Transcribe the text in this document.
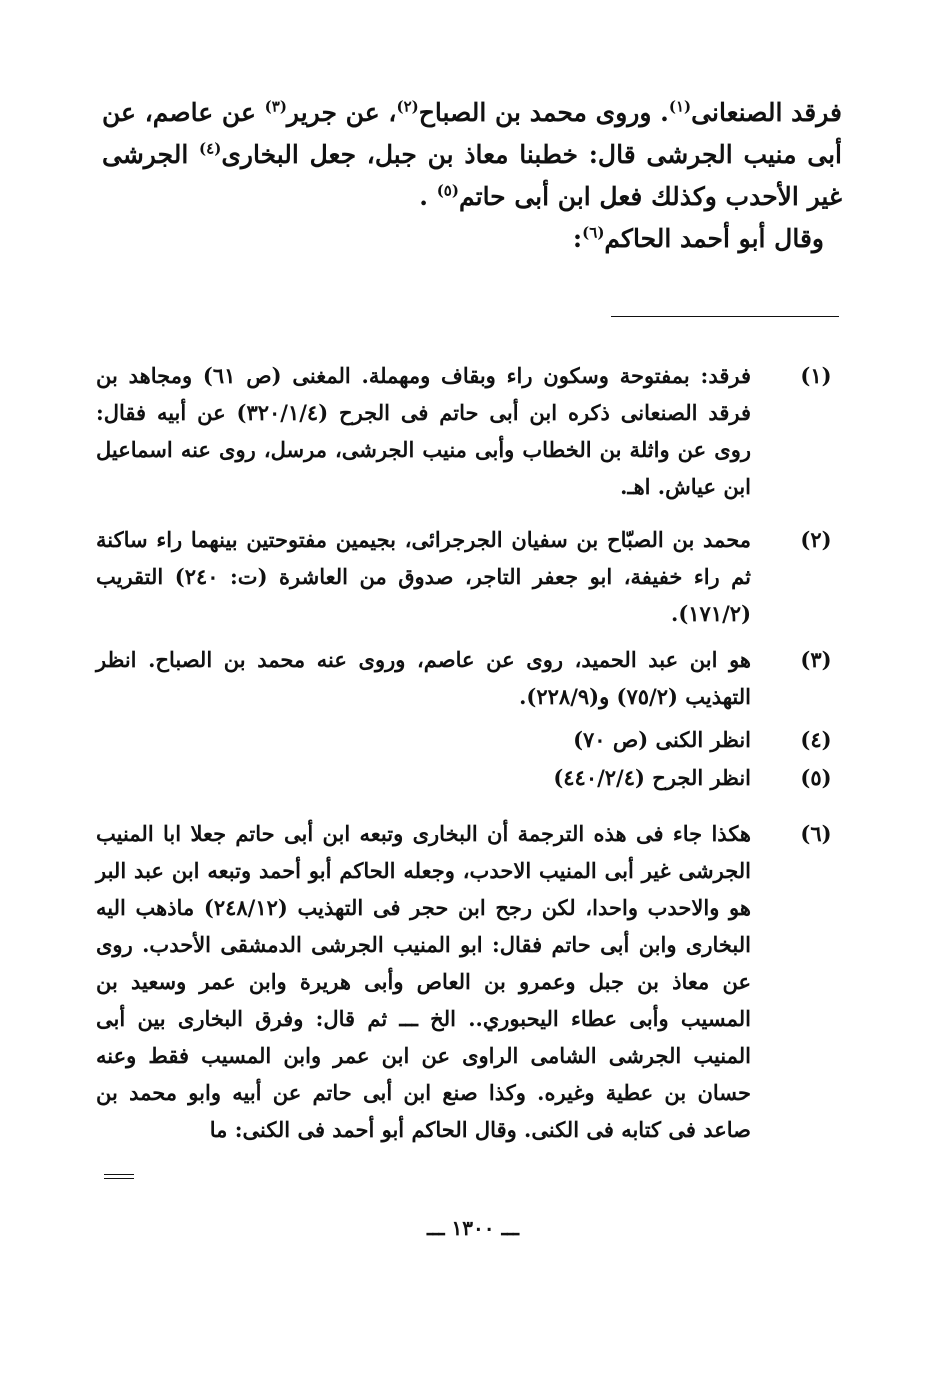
فرقد الصنعانى$^{(١)}$. وروى محمد بن الصباح$^{(٢)}$، عن جرير$^{(٣)}$ عن عاصم، عن أبى منيب الجرشى قال: خطبنا معاذ بن جبل، جعل البخارى$^{(٤)}$ الجرشى غير الأحدب وكذلك فعل ابن أبى حاتم$^{(٥)}$ .

وقال أبو أحمد الحاكم$^{(٦)}$:

(١)
فرقد: بمفتوحة وسكون راء وبقاف ومهملة. المغنى (ص ٦١) ومجاهد بن فرقد الصنعانى ذكره ابن أبى حاتم فى الجرح (٣٢٠/١/٤) عن أبيه فقال: روى عن واثلة بن الخطاب وأبى منيب الجرشى، مرسل، روى عنه اسماعيل ابن عياش. اهـ.
(٢)
محمد بن الصبّاح بن سفيان الجرجرائى، بجيمين مفتوحتين بينهما راء ساكنة ثم راء خفيفة، ابو جعفر التاجر، صدوق من العاشرة (ت: ٢٤٠) التقريب (١٧١/٢).
(٣)
هو ابن عبد الحميد، روى عن عاصم، وروى عنه محمد بن الصباح. انظر التهذيب (٧٥/٢) و(٢٢٨/٩).
(٤)
انظر الكنى (ص ٧٠)
(٥)
انظر الجرح (٤٤٠/٢/٤)
(٦)
هكذا جاء فى هذه الترجمة أن البخارى وتبعه ابن أبى حاتم جعلا ابا المنيب الجرشى غير أبى المنيب الاحدب، وجعله الحاكم أبو أحمد وتبعه ابن عبد البر هو والاحدب واحدا، لكن رجح ابن حجر فى التهذيب (٢٤٨/١٢) ماذهب اليه البخارى وابن أبى حاتم فقال: ابو المنيب الجرشى الدمشقى الأحدب. روى عن معاذ بن جبل وعمرو بن العاص وأبى هريرة وابن عمر وسعيد بن المسيب وأبى عطاء اليحبوري.. الخ ـــ ثم قال: وفرق البخارى بين أبى المنيب الجرشى الشامى الراوى عن ابن عمر وابن المسيب فقط وعنه حسان بن عطية وغيره. وكذا صنع ابن أبى حاتم عن أبيه وابو محمد بن صاعد فى كتابه فى الكنى. وقال الحاكم أبو أحمد فى الكنى: ما
ـــ ١٣٠٠ ـــ
